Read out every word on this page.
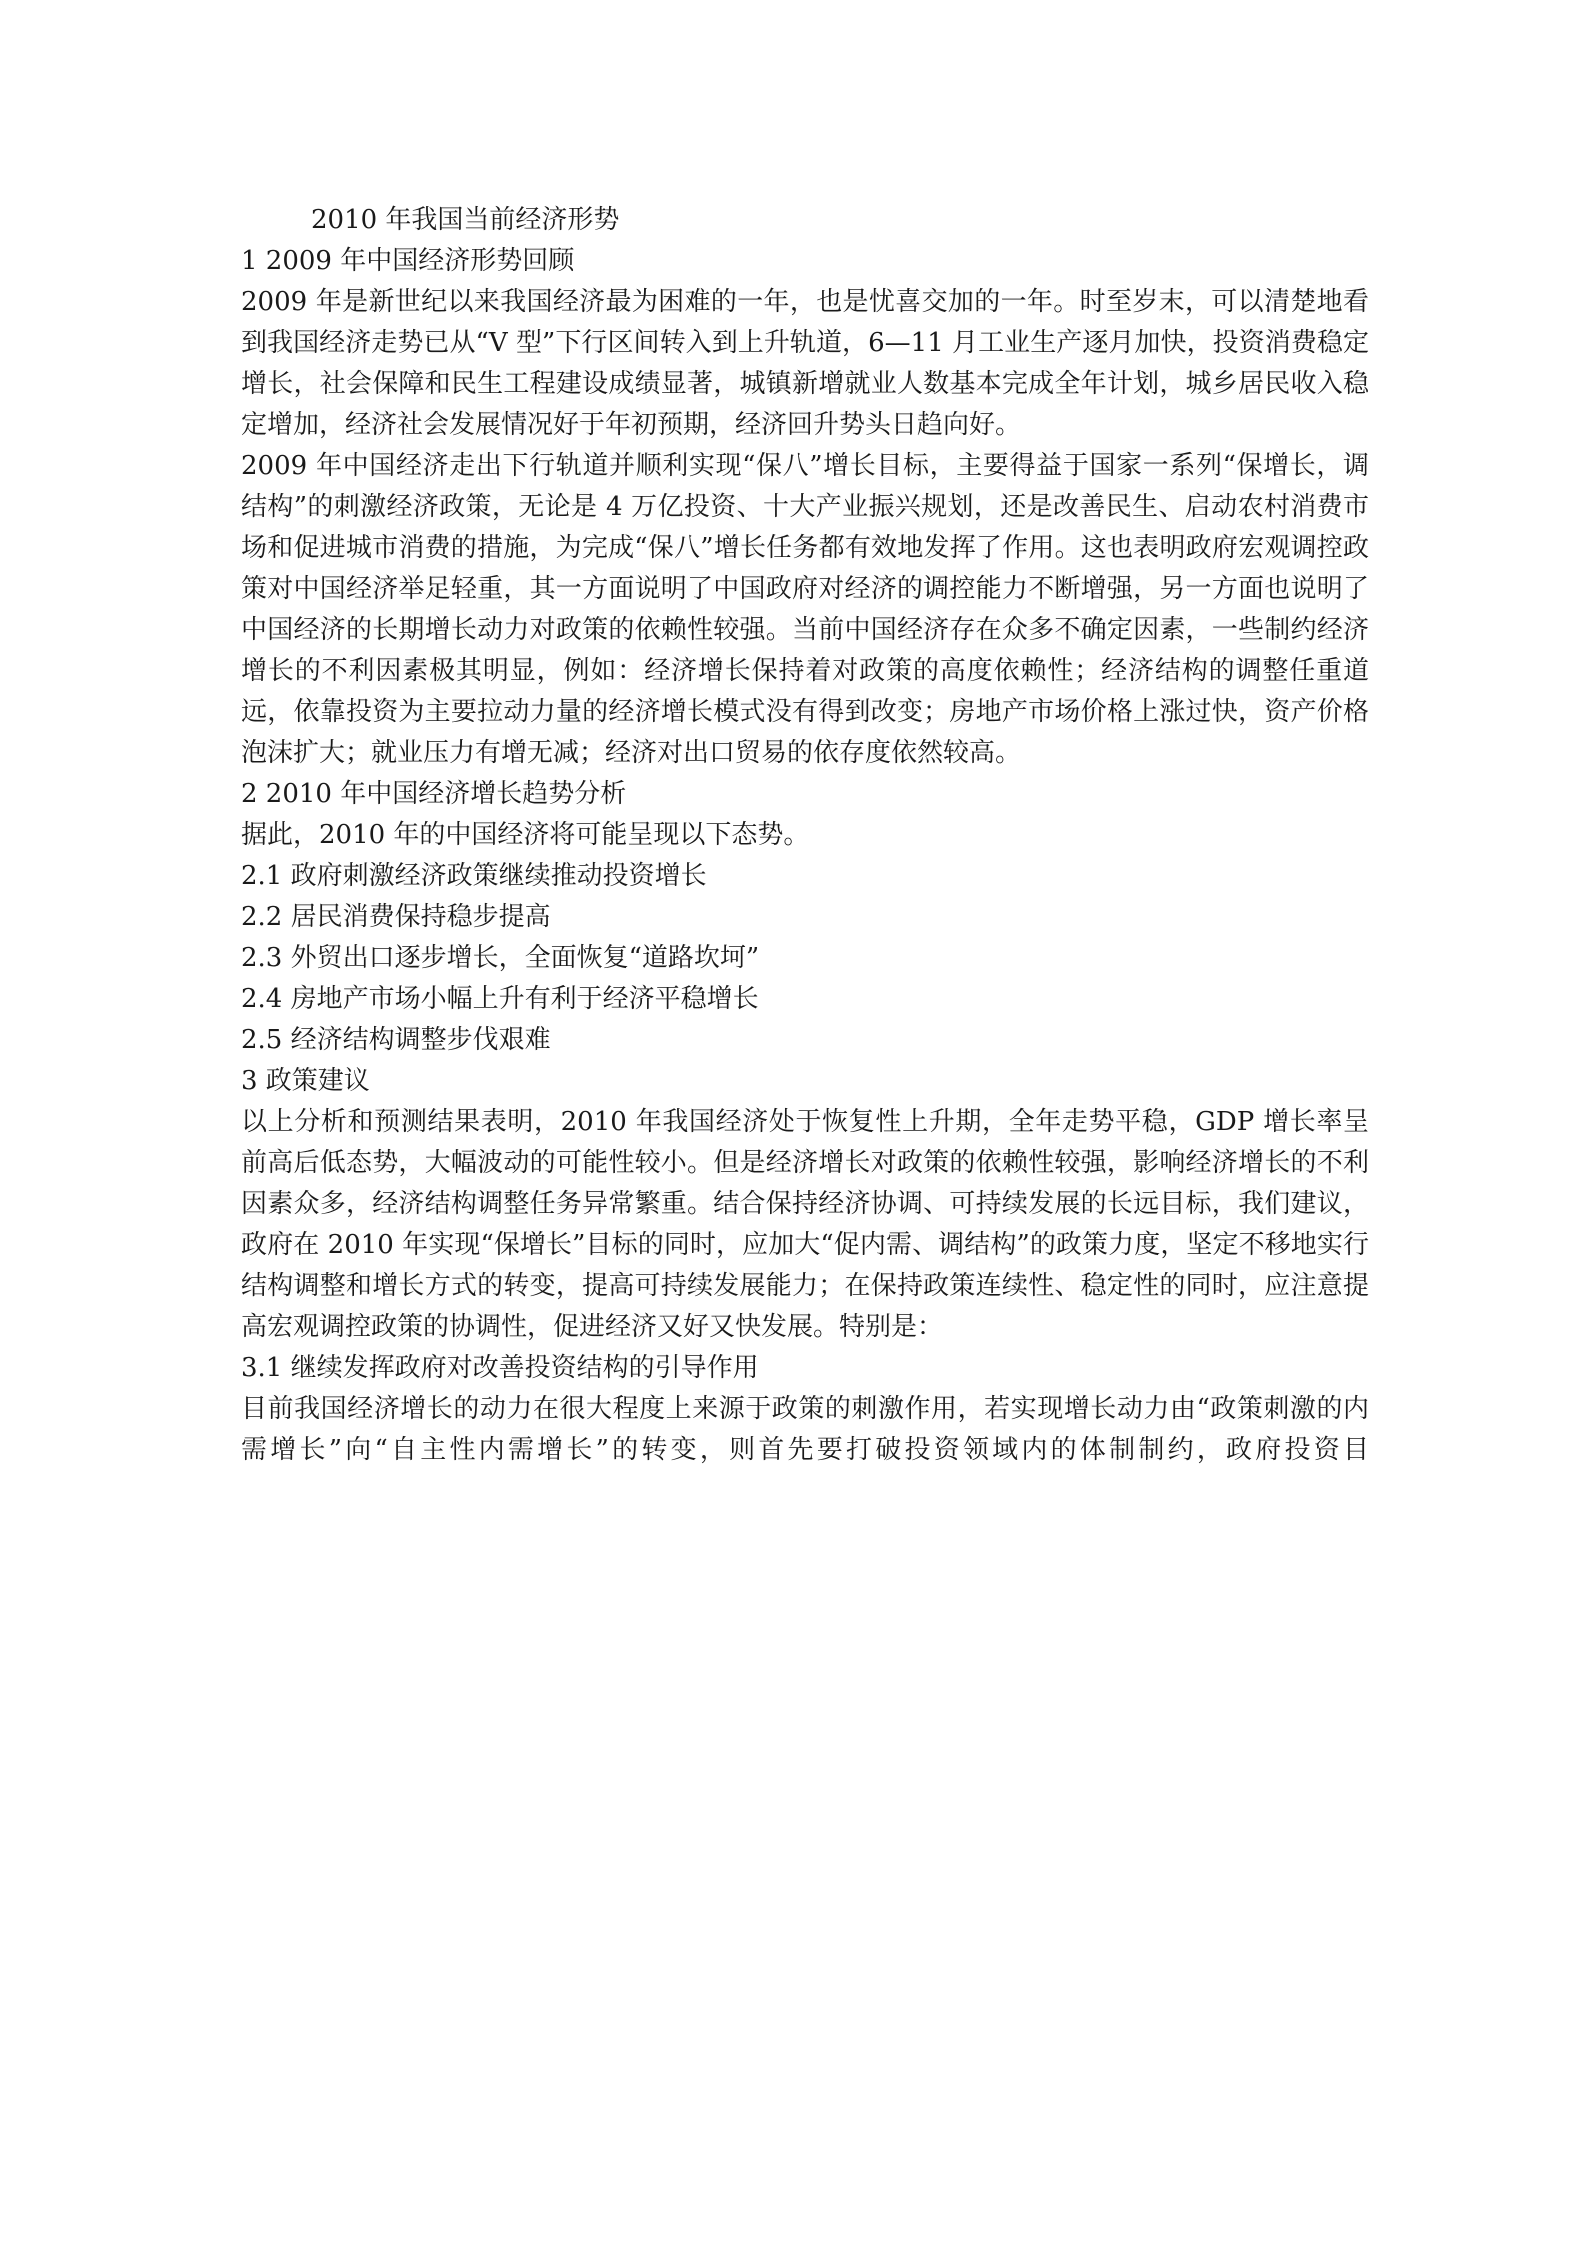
2010 年我国当前经济形势

1 2009 年中国经济形势回顾

2009 年是新世纪以来我国经济最为困难的一年，也是忧喜交加的一年。时至岁末，可以清楚地看到我国经济走势已从“V 型”下行区间转入到上升轨道，6—11 月工业生产逐月加快，投资消费稳定增长，社会保障和民生工程建设成绩显著，城镇新增就业人数基本完成全年计划，城乡居民收入稳定增加，经济社会发展情况好于年初预期，经济回升势头日趋向好。

2009 年中国经济走出下行轨道并顺利实现“保八”增长目标，主要得益于国家一系列“保增长，调结构”的刺激经济政策，无论是 4 万亿投资、十大产业振兴规划，还是改善民生、启动农村消费市场和促进城市消费的措施，为完成“保八”增长任务都有效地发挥了作用。这也表明政府宏观调控政策对中国经济举足轻重，其一方面说明了中国政府对经济的调控能力不断增强，另一方面也说明了中国经济的长期增长动力对政策的依赖性较强。当前中国经济存在众多不确定因素，一些制约经济增长的不利因素极其明显，例如：经济增长保持着对政策的高度依赖性；经济结构的调整任重道远，依靠投资为主要拉动力量的经济增长模式没有得到改变；房地产市场价格上涨过快，资产价格泡沫扩大；就业压力有增无减；经济对出口贸易的依存度依然较高。

2 2010 年中国经济增长趋势分析

据此，2010 年的中国经济将可能呈现以下态势。

2.1 政府刺激经济政策继续推动投资增长

2.2 居民消费保持稳步提高

2.3 外贸出口逐步增长，全面恢复“道路坎坷”

2.4 房地产市场小幅上升有利于经济平稳增长

2.5 经济结构调整步伐艰难

3 政策建议

以上分析和预测结果表明，2010 年我国经济处于恢复性上升期，全年走势平稳，GDP 增长率呈前高后低态势，大幅波动的可能性较小。但是经济增长对政策的依赖性较强，影响经济增长的不利因素众多，经济结构调整任务异常繁重。结合保持经济协调、可持续发展的长远目标，我们建议，政府在 2010 年实现“保增长”目标的同时，应加大“促内需、调结构”的政策力度，坚定不移地实行结构调整和增长方式的转变，提高可持续发展能力；在保持政策连续性、稳定性的同时，应注意提高宏观调控政策的协调性，促进经济又好又快发展。特别是：

3.1 继续发挥政府对改善投资结构的引导作用

目前我国经济增长的动力在很大程度上来源于政策的刺激作用，若实现增长动力由“政策刺激的内需增长”向“自主性内需增长”的转变，则首先要打破投资领域内的体制制约，政府投资目
